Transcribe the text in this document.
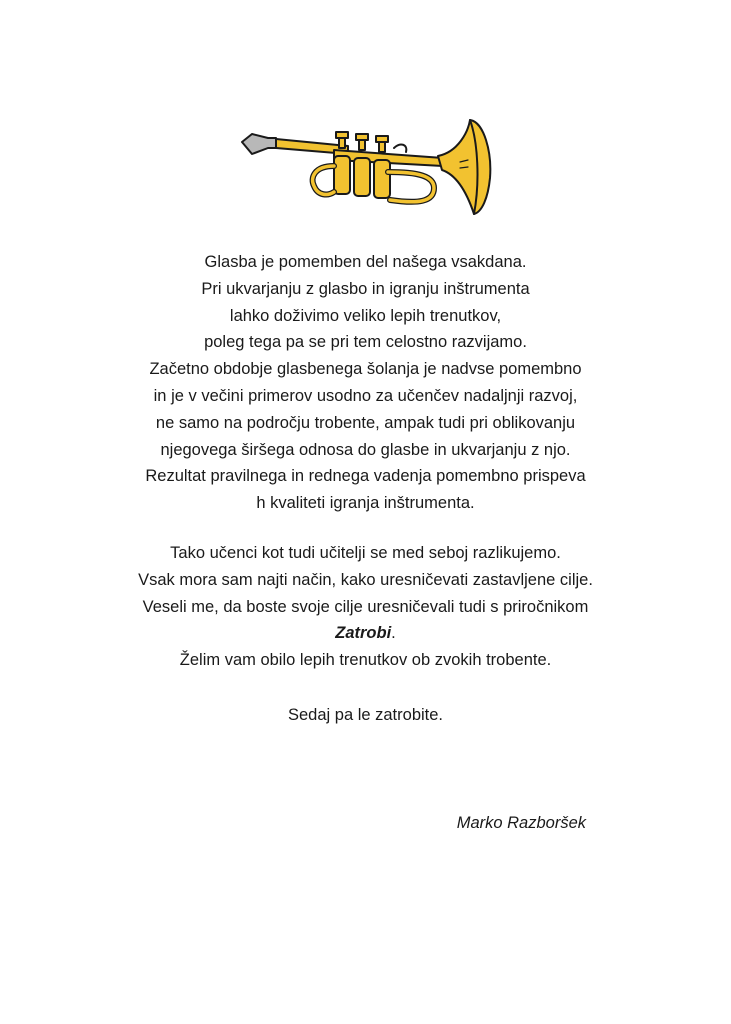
Glasba je pomemben del našega vsakdana.
Pri ukvarjanju z glasbo in igranju inštrumenta
lahko doživimo veliko lepih trenutkov,
poleg tega pa se pri tem celostno razvijamo.
Začetno obdobje glasbenega šolanja je nadvse pomembno
in je v večini primerov usodno za učenčev nadaljnji razvoj,
ne samo na področju trobente, ampak tudi pri oblikovanju
njegovega širšega odnosa do glasbe in ukvarjanju z njo.
Rezultat pravilnega in rednega vadenja pomembno prispeva
h kvaliteti igranja inštrumenta.
Tako učenci kot tudi učitelji se med seboj razlikujemo.
Vsak mora sam najti način, kako uresničevati zastavljene cilje.
Veseli me, da boste svoje cilje uresničevali tudi s priročnikom
Zatrobi.
Želim vam obilo lepih trenutkov ob zvokih trobente.
Sedaj pa le zatrobite.
Marko Razboršek
